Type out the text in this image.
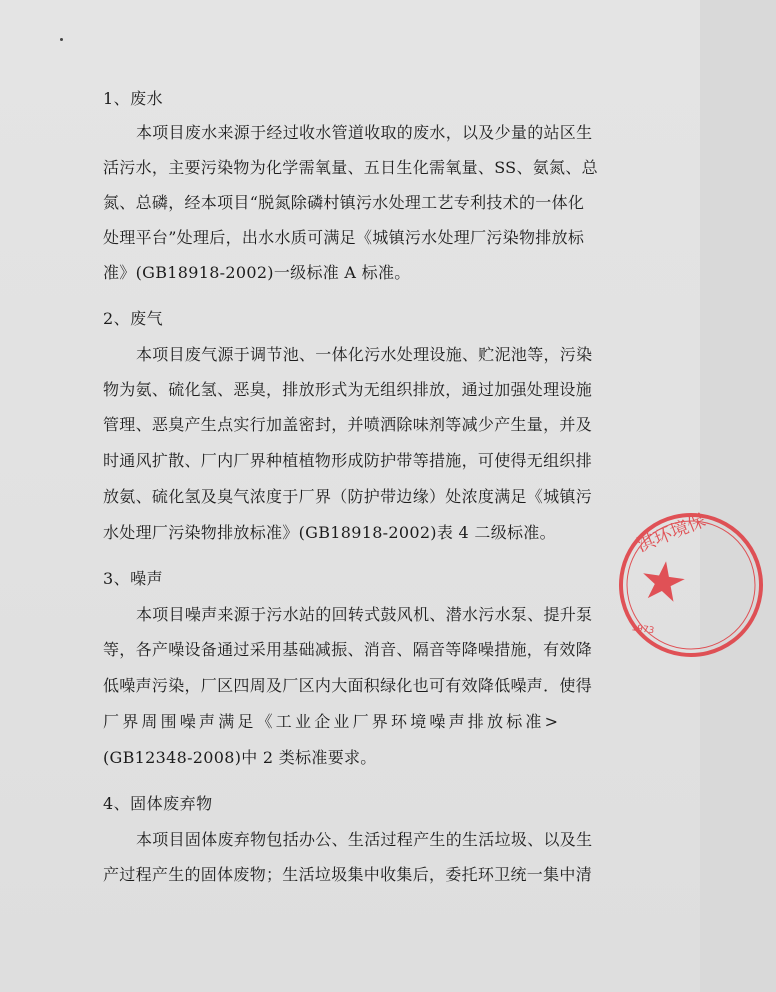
1、废水
本项目废水来源于经过收水管道收取的废水，以及少量的站区生
活污水，主要污染物为化学需氧量、五日生化需氧量、SS、氨氮、总
氮、总磷，经本项目“脱氮除磷村镇污水处理工艺专利技术的一体化
处理平台”处理后，出水水质可满足《城镇污水处理厂污染物排放标
准》(GB18918-2002)一级标准 A 标准。
2、废气
本项目废气源于调节池、一体化污水处理设施、贮泥池等，污染
物为氨、硫化氢、恶臭，排放形式为无组织排放，通过加强处理设施
管理、恶臭产生点实行加盖密封，并喷洒除味剂等减少产生量，并及
时通风扩散、厂内厂界种植植物形成防护带等措施，可使得无组织排
放氨、硫化氢及臭气浓度于厂界（防护带边缘）处浓度满足《城镇污
水处理厂污染物排放标准》(GB18918-2002)表 4 二级标准。
3、噪声
本项目噪声来源于污水站的回转式鼓风机、潜水污水泵、提升泵
等，各产噪设备通过采用基础减振、消音、隔音等降噪措施，有效降
低噪声污染，厂区四周及厂区内大面积绿化也可有效降低噪声．使得
厂界周围噪声满足《工业企业厂界环境噪声排放标准>
(GB12348-2008)中 2 类标准要求。
4、固体废弃物
本项目固体废弃物包括办公、生活过程产生的生活垃圾、以及生
产过程产生的固体废物；生活垃圾集中收集后，委托环卫统一集中清
淇环境保
1973
